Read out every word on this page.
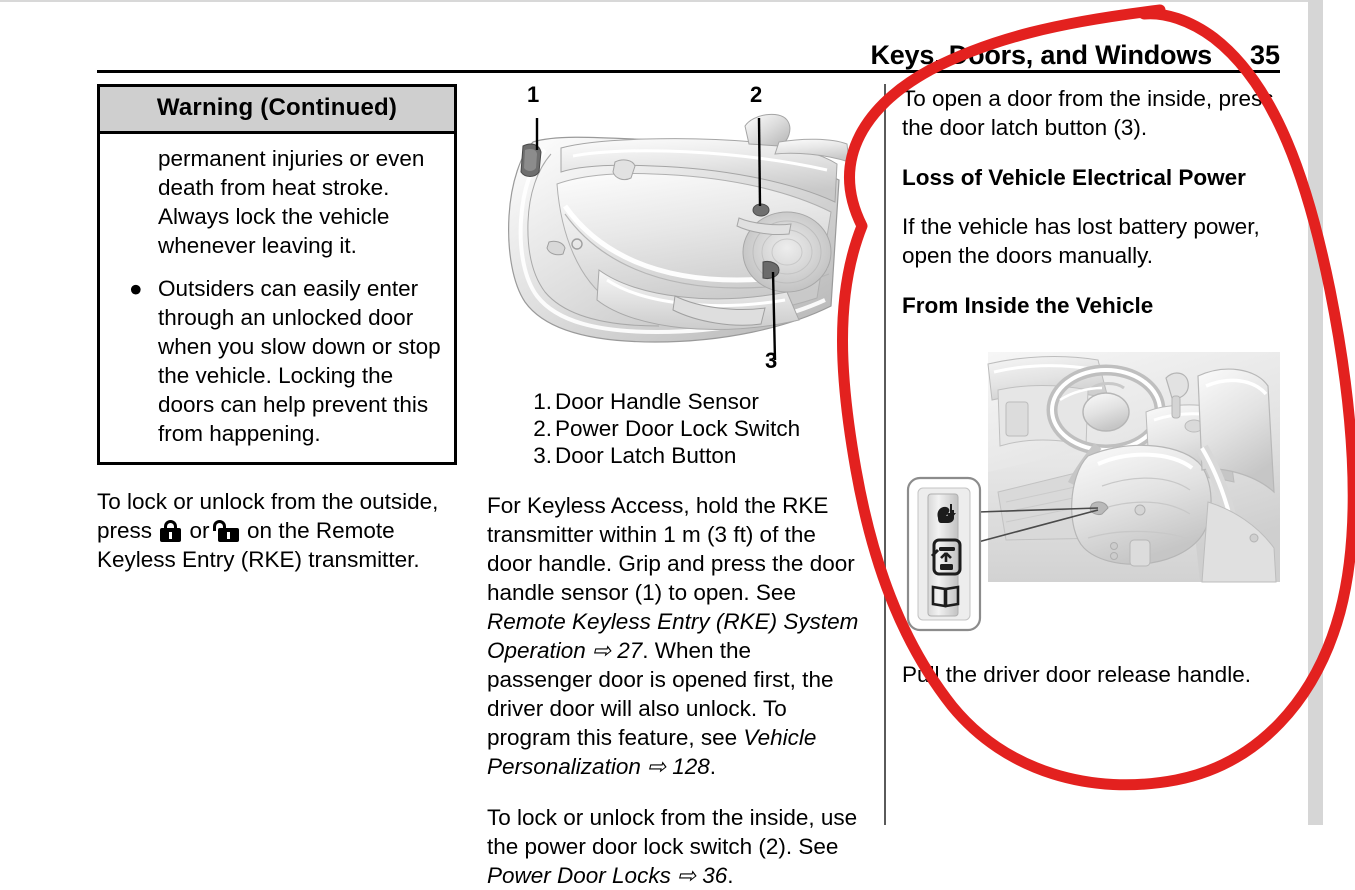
Keys, Doors, and Windows 35
Warning (Continued)

permanent injuries or even death from heat stroke. Always lock the vehicle whenever leaving it.

● Outsiders can easily enter through an unlocked door when you slow down or stop the vehicle. Locking the doors can help prevent this from happening.

To lock or unlock from the outside, press
or
on the Remote Keyless Entry (RKE) transmitter.

1	2
3
1. Door Handle Sensor
2. Power Door Lock Switch
3. Door Latch Button

For Keyless Access, hold the RKE transmitter within 1 m (3 ft) of the door handle. Grip and press the door handle sensor (1) to open. See Remote Keyless Entry (RKE) System Operation ⇨ 27. When the passenger door is opened first, the driver door will also unlock. To program this feature, see Vehicle Personalization ⇨ 128.

To lock or unlock from the inside, use the power door lock switch (2). See Power Door Locks ⇨ 36.

To open a door from the inside, press the door latch button (3).

Loss of Vehicle Electrical Power

If the vehicle has lost battery power, open the doors manually.

From Inside the Vehicle

Pull the driver door release handle.
